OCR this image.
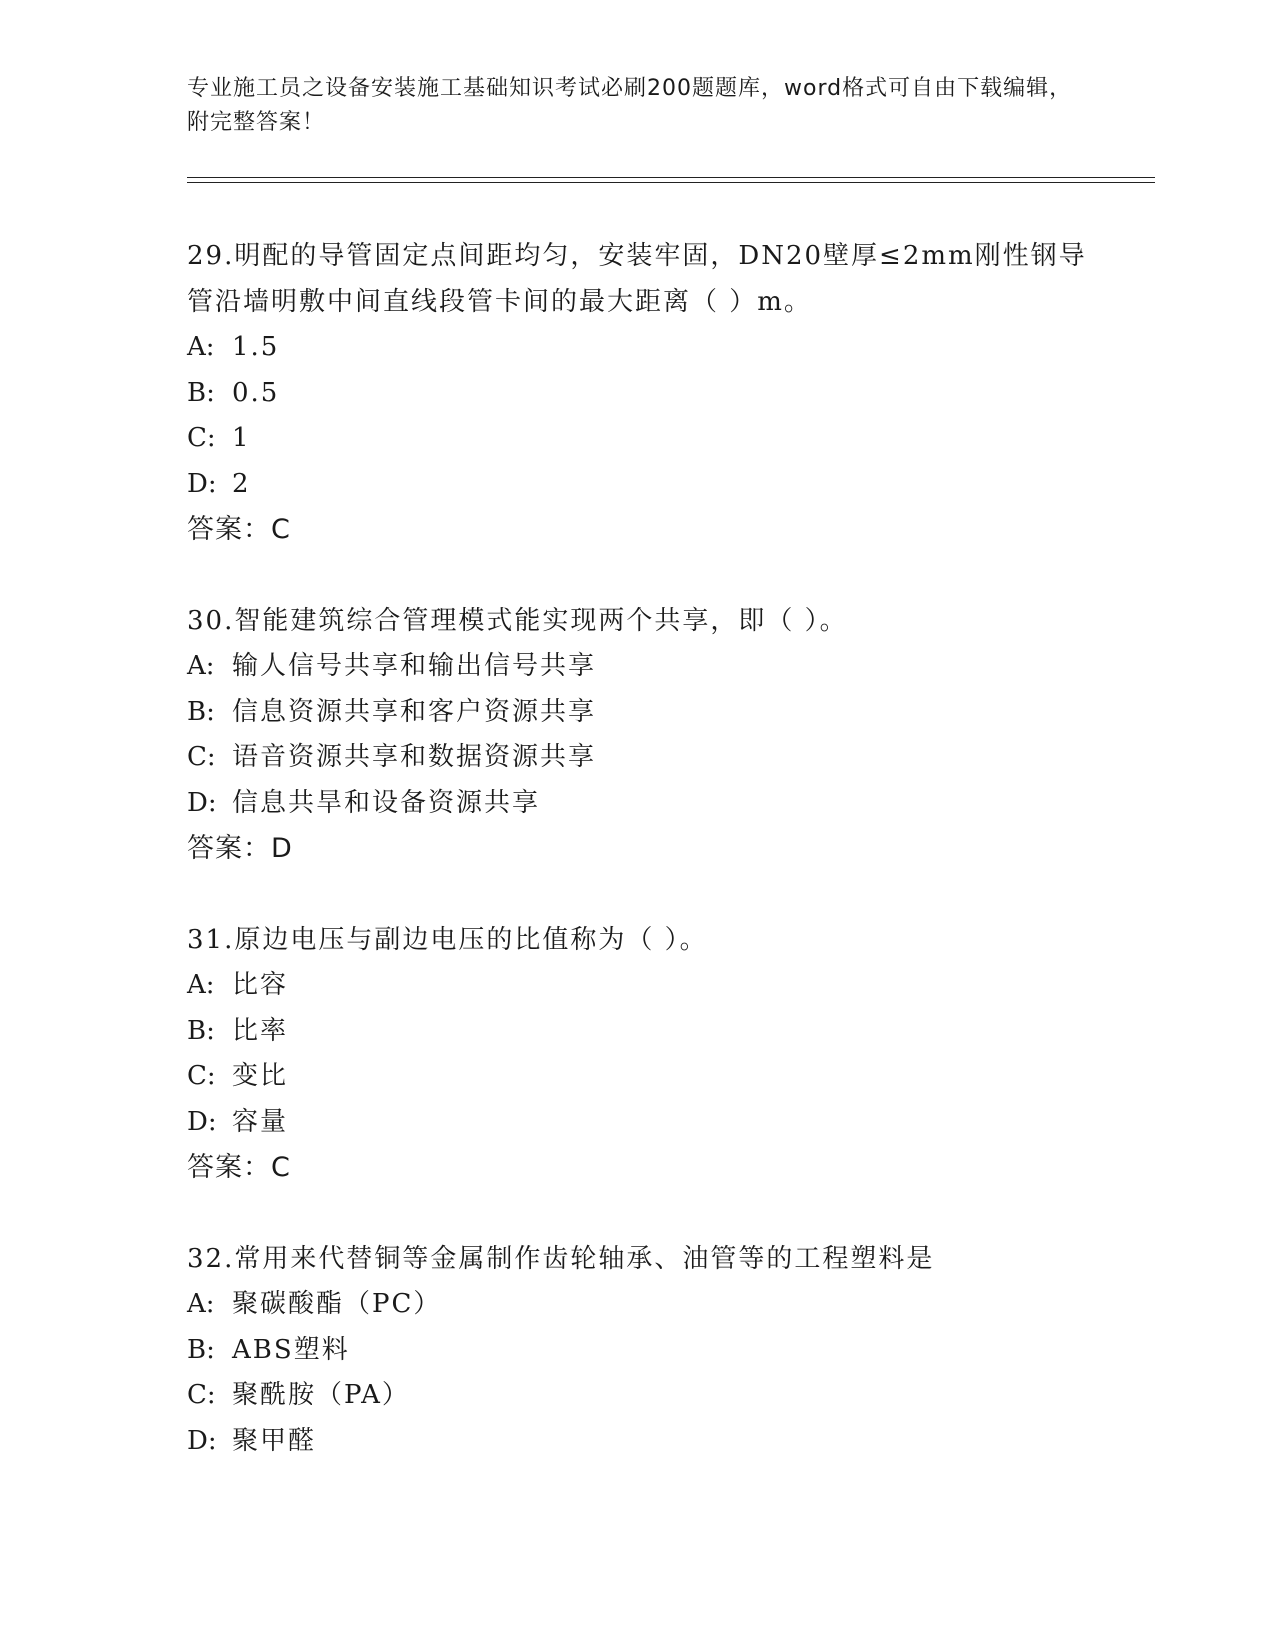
专业施工员之设备安装施工基础知识考试必刷200题题库，word格式可自由下载编辑，附完整答案！
29.明配的导管固定点间距均匀，安装牢固，DN20壁厚≤2mm刚性钢导管沿墙明敷中间直线段管卡间的最大距离（ ）m。
A: 1.5
B: 0.5
C: 1
D: 2
答案：C
30.智能建筑综合管理模式能实现两个共享，即（ ）。
A: 输人信号共享和输出信号共享
B: 信息资源共享和客户资源共享
C: 语音资源共享和数据资源共享
D: 信息共旱和设备资源共享
答案：D
31.原边电压与副边电压的比值称为（ ）。
A: 比容
B: 比率
C: 变比
D: 容量
答案：C
32.常用来代替铜等金属制作齿轮轴承、油管等的工程塑料是
A: 聚碳酸酯（PC）
B: ABS塑料
C: 聚酰胺（PA）
D: 聚甲醛
